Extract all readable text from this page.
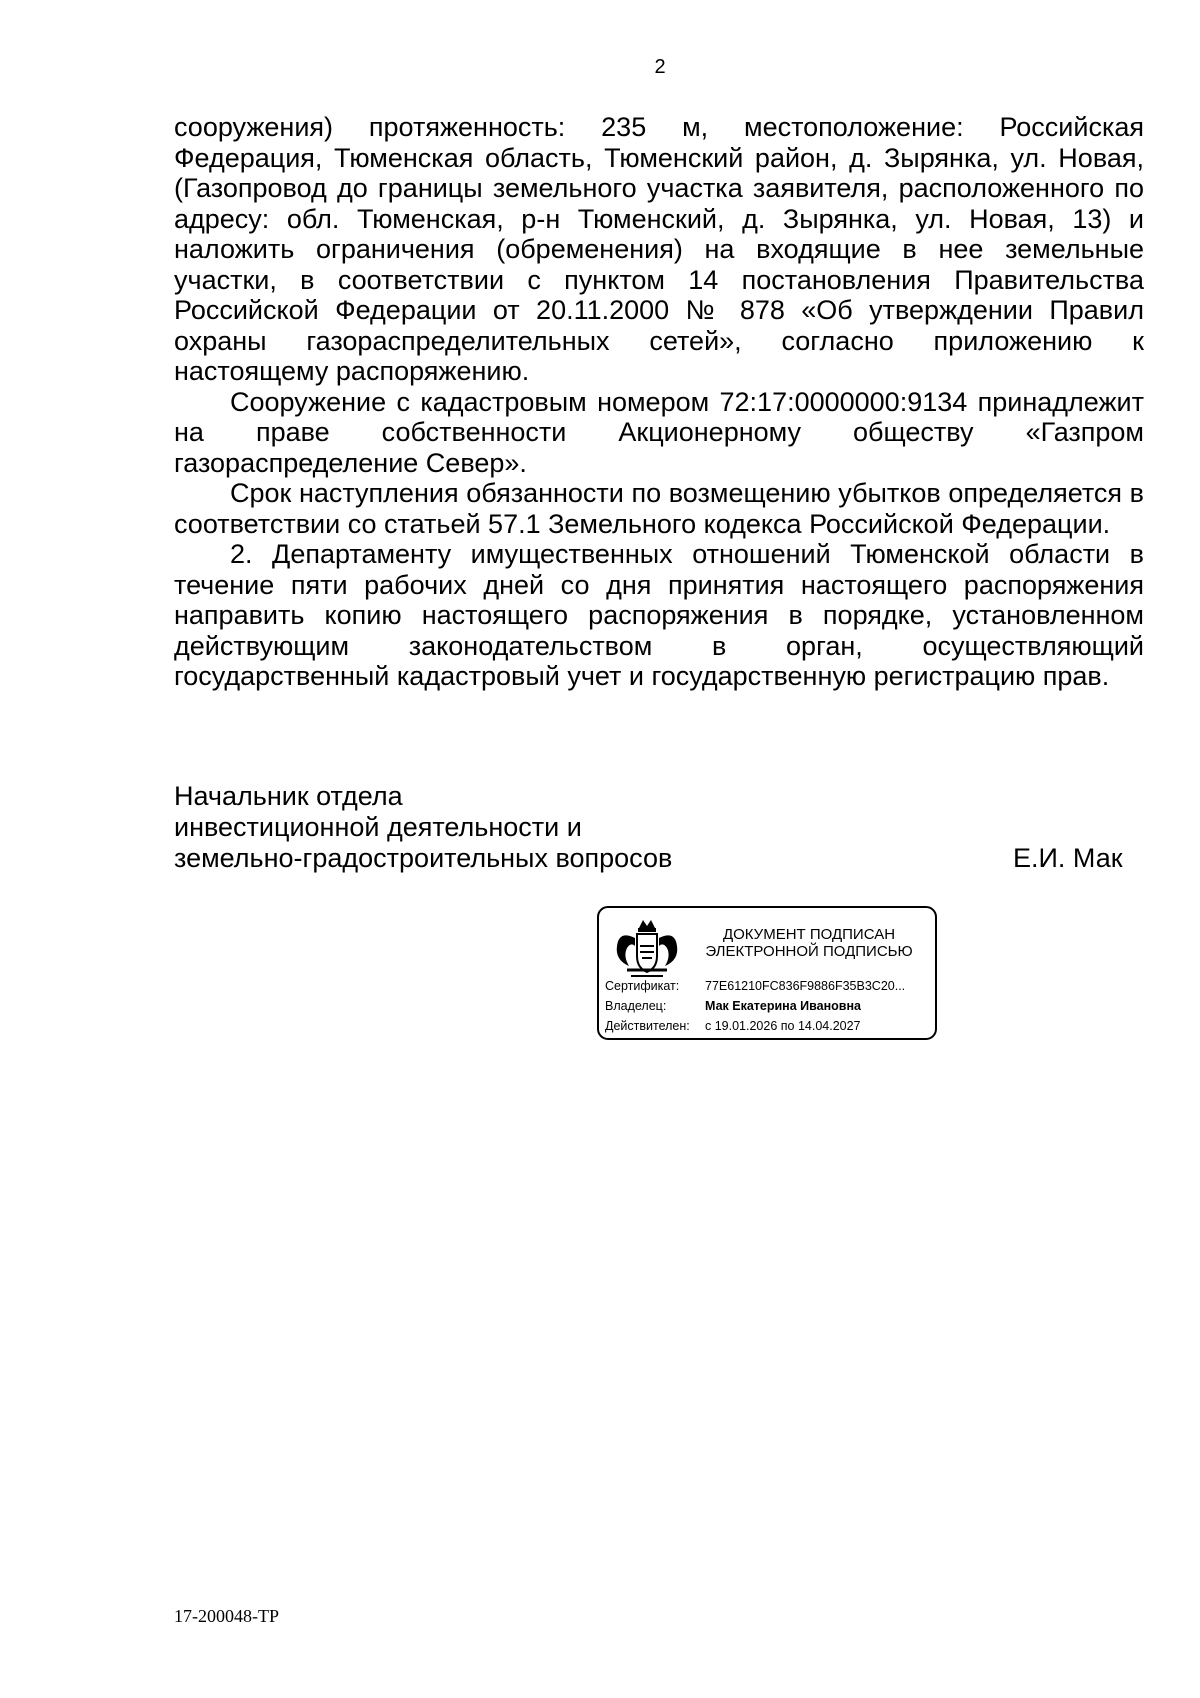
2

сооружения) протяженность: 235 м, местоположение: Российская Федерация, Тюменская область, Тюменский район, д. Зырянка, ул. Новая, (Газопровод до границы земельного участка заявителя, расположенного по адресу: обл. Тюменская, р-н Тюменский, д. Зырянка, ул. Новая, 13) и наложить ограничения (обременения) на входящие в нее земельные участки, в соответствии с пунктом 14 постановления Правительства Российской Федерации от 20.11.2000 № 878 «Об утверждении Правил охраны газораспределительных сетей», согласно приложению к настоящему распоряжению.

Сооружение с кадастровым номером 72:17:0000000:9134 принадлежит на праве собственности Акционерному обществу «Газпром газораспределение Север».

Срок наступления обязанности по возмещению убытков определяется в соответствии со статьей 57.1 Земельного кодекса Российской Федерации.

2. Департаменту имущественных отношений Тюменской области в течение пяти рабочих дней со дня принятия настоящего распоряжения направить копию настоящего распоряжения в порядке, установленном действующим законодательством в орган, осуществляющий государственный кадастровый учет и государственную регистрацию прав.

Начальник отдела
инвестиционной деятельности и
земельно-градостроительных вопросов	Е.И. Мак
ДОКУМЕНТ ПОДПИСАН
ЭЛЕКТРОННОЙ ПОДПИСЬЮ
Сертификат: 77E61210FC836F9886F35B3C20...
Владелец:	Мак Екатерина Ивановна
Действителен: с 19.01.2026 по 14.04.2027
17-200048-ТР
